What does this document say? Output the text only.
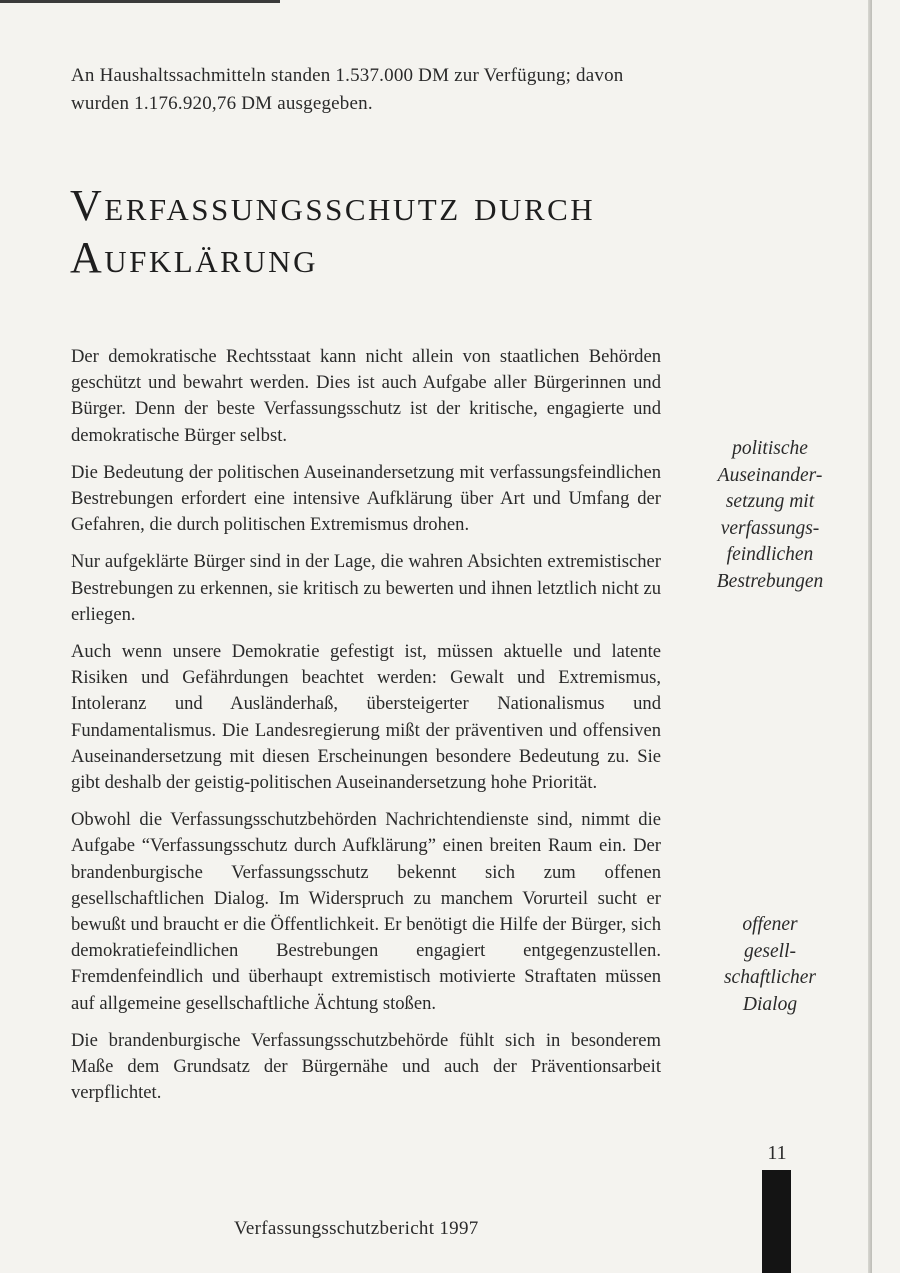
An Haushaltssachmitteln standen 1.537.000 DM zur Verfügung; davon wurden 1.176.920,76 DM ausgegeben.
Verfassungsschutz durch
Aufklärung

Der demokratische Rechtsstaat kann nicht allein von staatlichen Behörden geschützt und bewahrt werden. Dies ist auch Aufgabe aller Bürgerinnen und Bürger. Denn der beste Verfassungsschutz ist der kritische, engagierte und demokratische Bürger selbst.

Die Bedeutung der politischen Auseinandersetzung mit verfassungsfeindlichen Bestrebungen erfordert eine intensive Aufklärung über Art und Umfang der Gefahren, die durch politischen Extremismus drohen.

Nur aufgeklärte Bürger sind in der Lage, die wahren Absichten extremistischer Bestrebungen zu erkennen, sie kritisch zu bewerten und ihnen letztlich nicht zu erliegen.

Auch wenn unsere Demokratie gefestigt ist, müssen aktuelle und latente Risiken und Gefährdungen beachtet werden: Gewalt und Extremismus, Intoleranz und Ausländerhaß, übersteigerter Nationalismus und Fundamentalismus. Die Landesregierung mißt der präventiven und offensiven Auseinandersetzung mit diesen Erscheinungen besondere Bedeutung zu. Sie gibt deshalb der geistig-politischen Auseinandersetzung hohe Priorität.

Obwohl die Verfassungsschutzbehörden Nachrichtendienste sind, nimmt die Aufgabe “Verfassungsschutz durch Aufklärung” einen breiten Raum ein. Der brandenburgische Verfassungsschutz bekennt sich zum offenen gesellschaftlichen Dialog. Im Widerspruch zu manchem Vorurteil sucht er bewußt und braucht er die Öffentlichkeit. Er benötigt die Hilfe der Bürger, sich demokratiefeindlichen Bestrebungen engagiert entgegenzustellen. Fremdenfeindlich und überhaupt extremistisch motivierte Straftaten müssen auf allgemeine gesellschaftliche Ächtung stoßen.

Die brandenburgische Verfassungsschutzbehörde fühlt sich in besonderem Maße dem Grundsatz der Bürgernähe und auch der Präventionsarbeit verpflichtet.

politische
Auseinander-
setzung mit
verfassungs-
feindlichen
Bestrebungen
offener
gesell-
schaftlicher
Dialog
11
Verfassungsschutzbericht 1997
